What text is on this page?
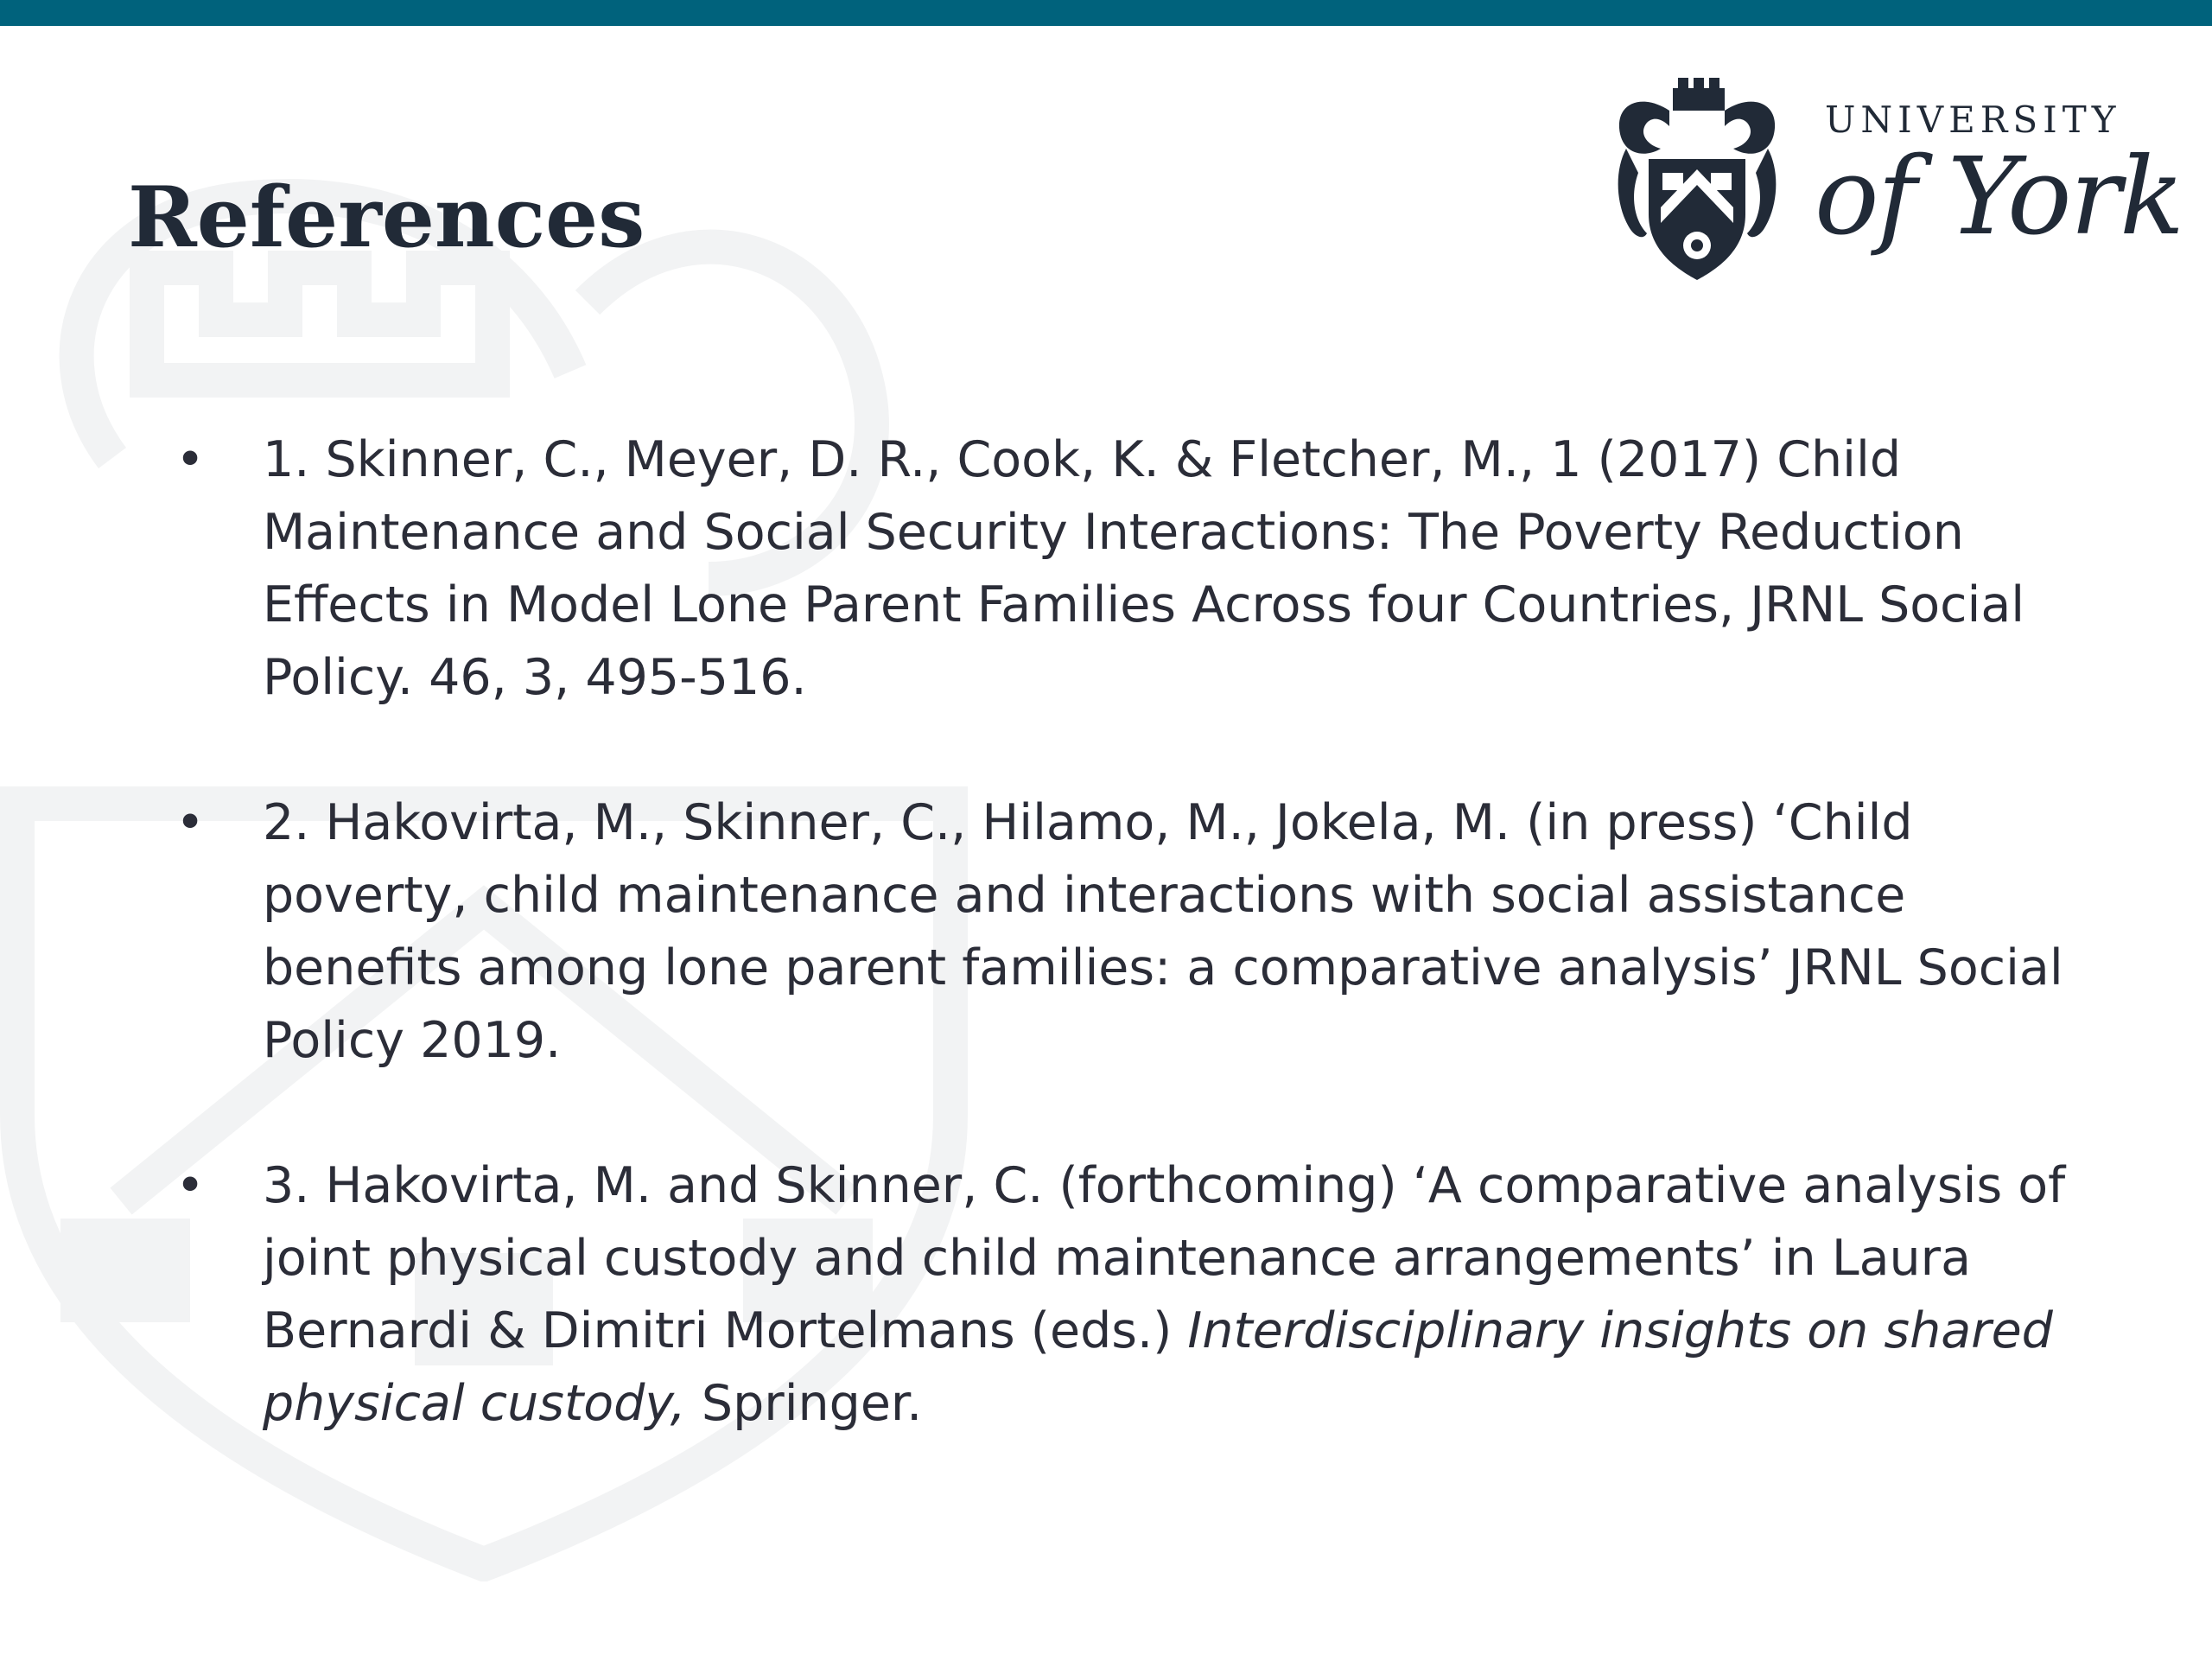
References
UNIVERSITY
of York
• 1. Skinner, C., Meyer, D. R., Cook, K. & Fletcher, M., 1 (2017) Child Maintenance and Social Security Interactions: The Poverty Reduction Effects in Model Lone Parent Families Across four Countries, JRNL Social Policy. 46, 3, 495-516.
• 2. Hakovirta, M., Skinner, C., Hilamo, M., Jokela, M. (in press) ‘Child poverty, child maintenance and interactions with social assistance benefits among lone parent families: a comparative analysis’ JRNL Social Policy 2019.
• 3. Hakovirta, M. and Skinner, C. (forthcoming) ‘A comparative analysis of joint physical custody and child maintenance arrangements’ in Laura Bernardi & Dimitri Mortelmans (eds.) Interdisciplinary insights on shared physical custody, Springer.
